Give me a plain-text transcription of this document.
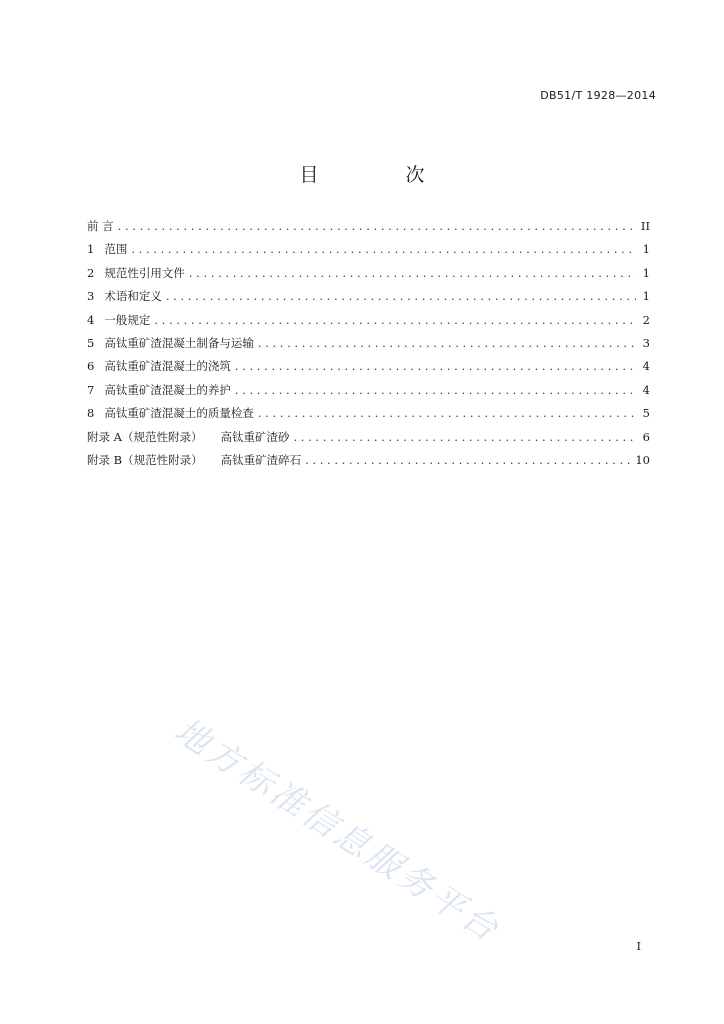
DB51/T 1928—2014
目　次
前 言 . . .	II
1 范围 . . .	1
2 规范性引用文件 . . .	1
3 术语和定义 . . .	1
4 一般规定 . . .	2
5 高钛重矿渣混凝土制备与运输 . . .	3
6 高钛重矿渣混凝土的浇筑 . . .	4
7 高钛重矿渣混凝土的养护 . . .	4
8 高钛重矿渣混凝土的质量检查 . . .	5
附录 A（规范性附录） 高钛重矿渣砂 . . .	6
附录 B（规范性附录） 高钛重矿渣碎石 . . .	10
地方标准信息服务平台	I
